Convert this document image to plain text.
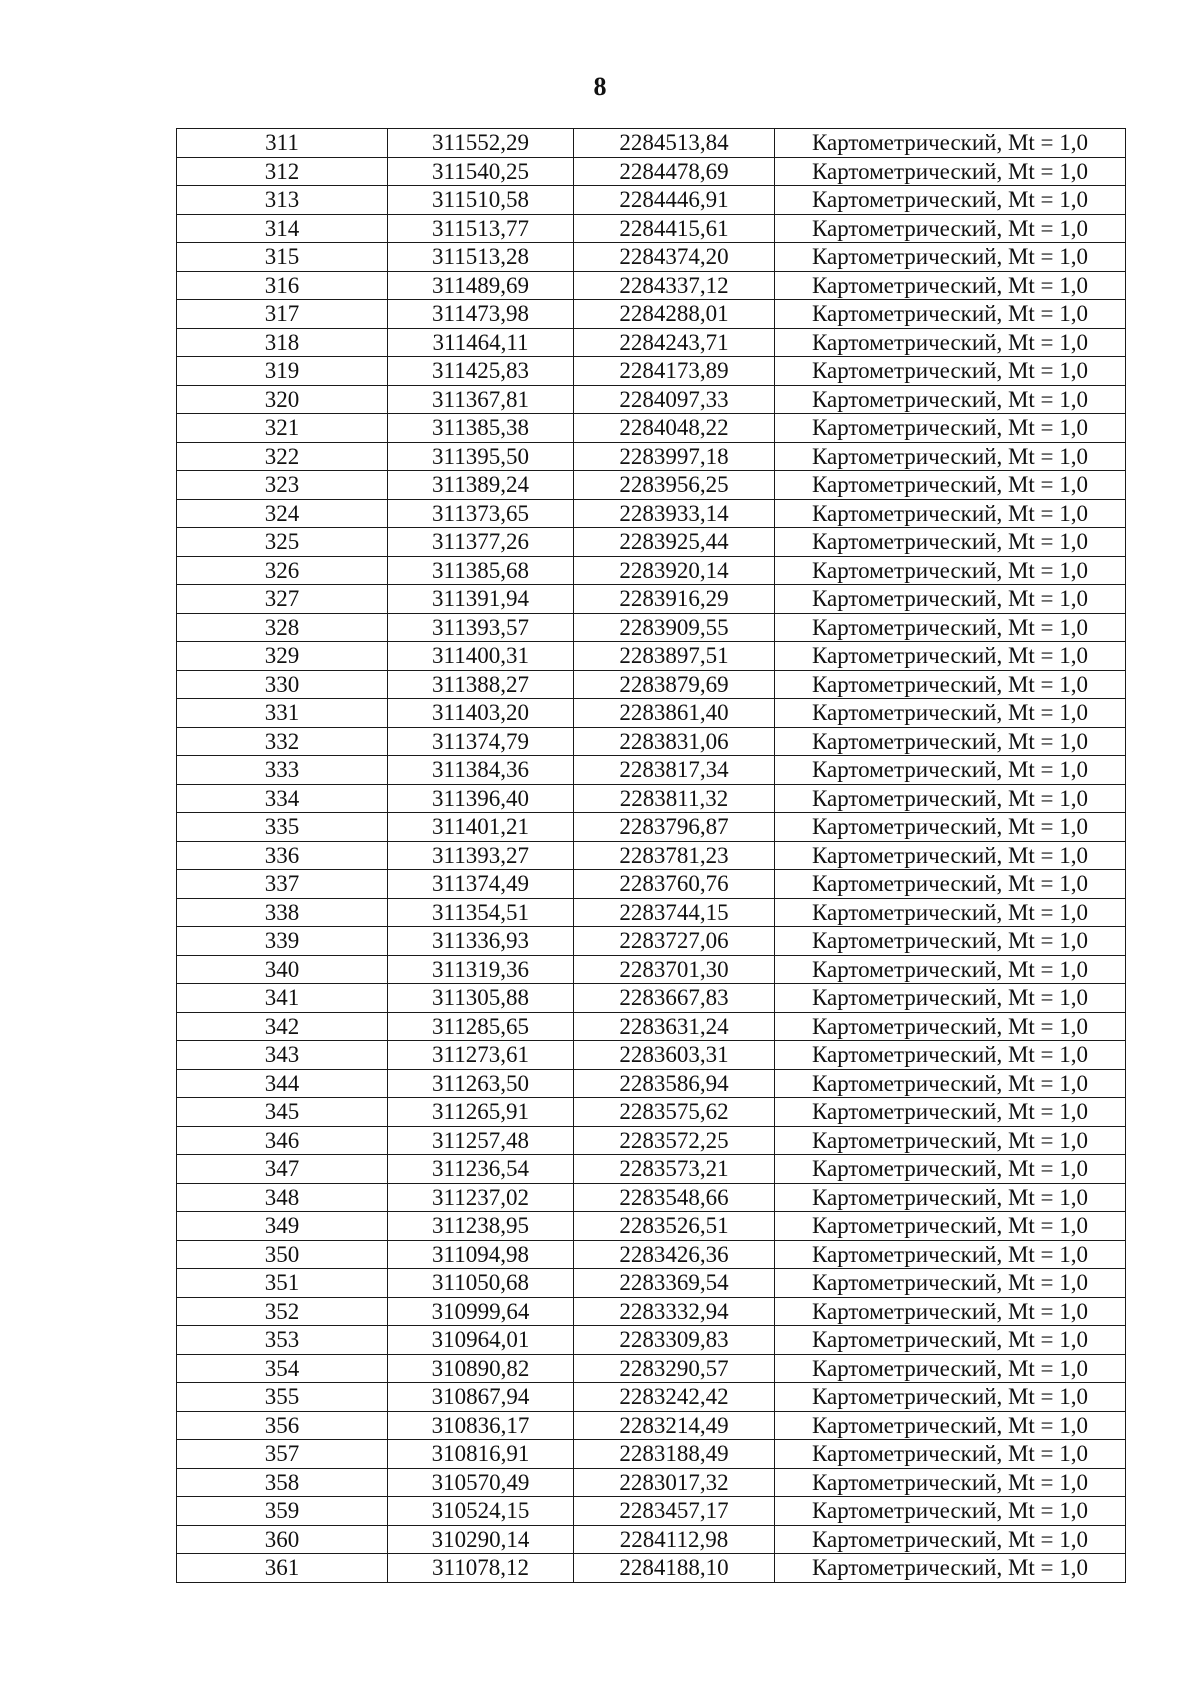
8
311	311552,29	2284513,84	Картометрический, Mt = 1,0
312	311540,25	2284478,69	Картометрический, Mt = 1,0
313	311510,58	2284446,91	Картометрический, Mt = 1,0
314	311513,77	2284415,61	Картометрический, Mt = 1,0
315	311513,28	2284374,20	Картометрический, Mt = 1,0
316	311489,69	2284337,12	Картометрический, Mt = 1,0
317	311473,98	2284288,01	Картометрический, Mt = 1,0
318	311464,11	2284243,71	Картометрический, Mt = 1,0
319	311425,83	2284173,89	Картометрический, Mt = 1,0
320	311367,81	2284097,33	Картометрический, Mt = 1,0
321	311385,38	2284048,22	Картометрический, Mt = 1,0
322	311395,50	2283997,18	Картометрический, Mt = 1,0
323	311389,24	2283956,25	Картометрический, Mt = 1,0
324	311373,65	2283933,14	Картометрический, Mt = 1,0
325	311377,26	2283925,44	Картометрический, Mt = 1,0
326	311385,68	2283920,14	Картометрический, Mt = 1,0
327	311391,94	2283916,29	Картометрический, Mt = 1,0
328	311393,57	2283909,55	Картометрический, Mt = 1,0
329	311400,31	2283897,51	Картометрический, Mt = 1,0
330	311388,27	2283879,69	Картометрический, Mt = 1,0
331	311403,20	2283861,40	Картометрический, Mt = 1,0
332	311374,79	2283831,06	Картометрический, Mt = 1,0
333	311384,36	2283817,34	Картометрический, Mt = 1,0
334	311396,40	2283811,32	Картометрический, Mt = 1,0
335	311401,21	2283796,87	Картометрический, Mt = 1,0
336	311393,27	2283781,23	Картометрический, Mt = 1,0
337	311374,49	2283760,76	Картометрический, Mt = 1,0
338	311354,51	2283744,15	Картометрический, Mt = 1,0
339	311336,93	2283727,06	Картометрический, Mt = 1,0
340	311319,36	2283701,30	Картометрический, Mt = 1,0
341	311305,88	2283667,83	Картометрический, Mt = 1,0
342	311285,65	2283631,24	Картометрический, Mt = 1,0
343	311273,61	2283603,31	Картометрический, Mt = 1,0
344	311263,50	2283586,94	Картометрический, Mt = 1,0
345	311265,91	2283575,62	Картометрический, Mt = 1,0
346	311257,48	2283572,25	Картометрический, Mt = 1,0
347	311236,54	2283573,21	Картометрический, Mt = 1,0
348	311237,02	2283548,66	Картометрический, Mt = 1,0
349	311238,95	2283526,51	Картометрический, Mt = 1,0
350	311094,98	2283426,36	Картометрический, Mt = 1,0
351	311050,68	2283369,54	Картометрический, Mt = 1,0
352	310999,64	2283332,94	Картометрический, Mt = 1,0
353	310964,01	2283309,83	Картометрический, Mt = 1,0
354	310890,82	2283290,57	Картометрический, Mt = 1,0
355	310867,94	2283242,42	Картометрический, Mt = 1,0
356	310836,17	2283214,49	Картометрический, Mt = 1,0
357	310816,91	2283188,49	Картометрический, Mt = 1,0
358	310570,49	2283017,32	Картометрический, Mt = 1,0
359	310524,15	2283457,17	Картометрический, Mt = 1,0
360	310290,14	2284112,98	Картометрический, Mt = 1,0
361	311078,12	2284188,10	Картометрический, Mt = 1,0
